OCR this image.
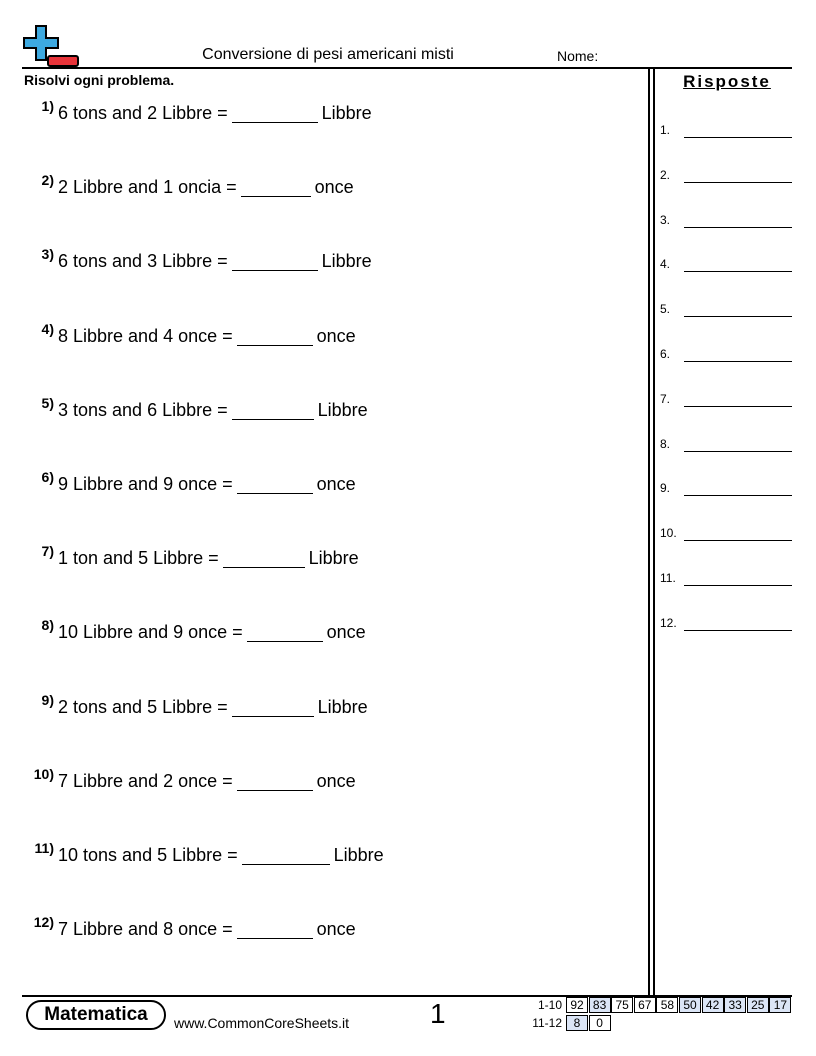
Conversione di pesi americani misti	Nome:
Risolvi ogni problema.	Risposte
1) 6 tons and 2 Libbre =	Libbre
2) 2 Libbre and 1 oncia =	once
3) 6 tons and 3 Libbre =	Libbre
4) 8 Libbre and 4 once =	once
5) 3 tons and 6 Libbre =	Libbre
6) 9 Libbre and 9 once =	once
7) 1 ton and 5 Libbre =	Libbre
8) 10 Libbre and 9 once =	once
9) 2 tons and 5 Libbre =	Libbre
10) 7 Libbre and 2 once =	once
11) 10 tons and 5 Libbre =	Libbre
12) 7 Libbre and 8 once =	once
1.
2.
3.
4.
5.
6.
7.
8.
9.
10.
11.
12.
Matematica	www.CommonCoreSheets.it	1	1-10 92 83 75 67 58 50 42 33 25 17
11-12 8	0
